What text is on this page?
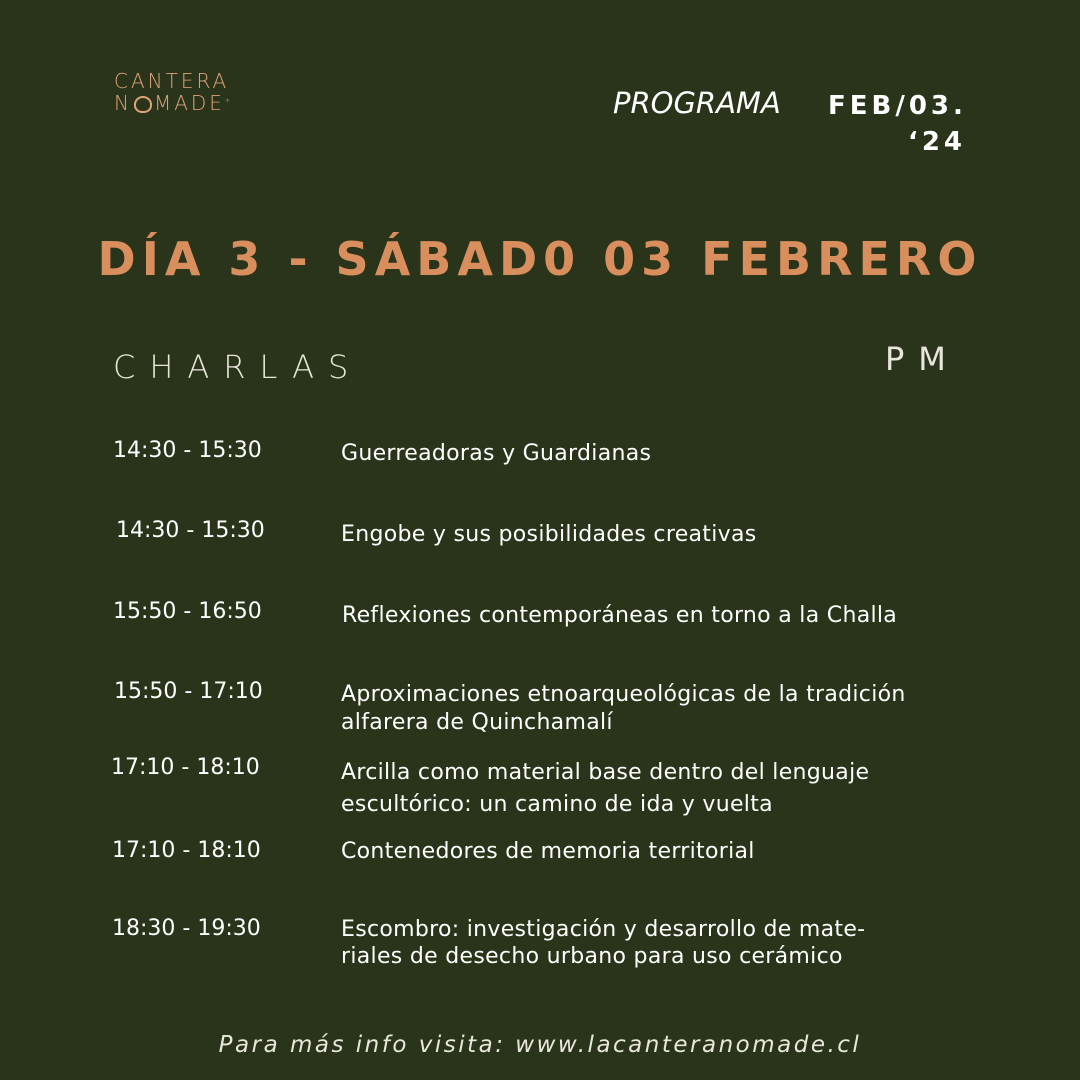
CANTERA
N MADE *	PROGRAMA FEB/03.
‘24
DÍA 3 - SÁBAD0 03 FEBRERO
CHARLAS	PM
14:30 - 15:30	Guerreadoras y Guardianas
14:30 - 15:30	Engobe y sus posibilidades creativas
15:50 - 16:50	Reflexiones contemporáneas en torno a la Challa
15:50 - 17:10	Aproximaciones etnoarqueológicas de la tradición
alfarera de Quinchamalí
17:10 - 18:10	Arcilla como material base dentro del lenguaje
escultórico: un camino de ida y vuelta
17:10 - 18:10	Contenedores de memoria territorial
18:30 - 19:30	Escombro: investigación y desarrollo de mate-
riales de desecho urbano para uso cerámico
Para más info visita: www.lacanteranomade.cl
